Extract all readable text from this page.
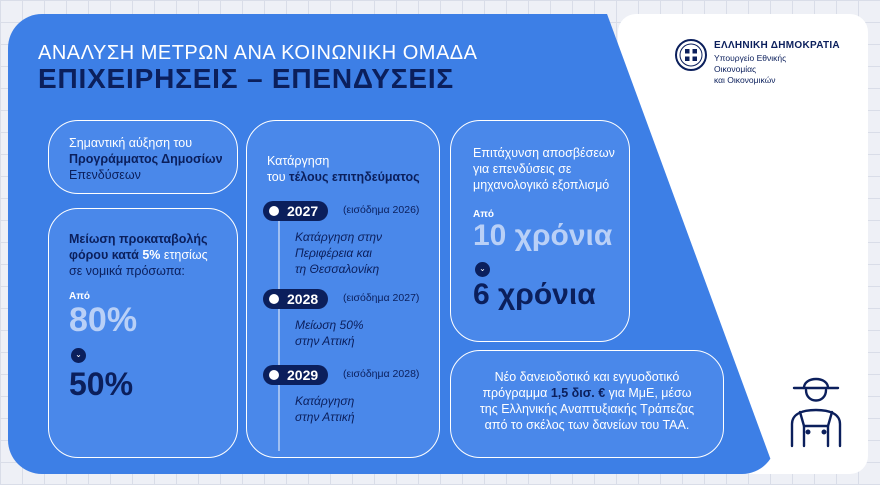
ΑΝΑΛΥΣΗ ΜΕΤΡΩΝ ΑΝΑ ΚΟΙΝΩΝΙΚΗ ΟΜΑΔΑ
ΕΠΙΧΕΙΡΗΣΕΙΣ – ΕΠΕΝΔΥΣΕΙΣ
ΕΛΛΗΝΙΚΗ ΔΗΜΟΚΡΑΤΙΑ
Υπουργείο Εθνικής Οικονομίας
και Οικονομικών
Σημαντική αύξηση του
Προγράμματος Δημοσίων
Επενδύσεων
Μείωση προκαταβολής
φόρου κατά 5% ετησίως
σε νομικά πρόσωπα:
Από
80%
⌄
50%
Κατάργηση
του τέλους επιτηδεύματος
2027 (εισόδημα 2026)
Κατάργηση στην
Περιφέρεια και
τη Θεσσαλονίκη
2028 (εισόδημα 2027)
Μείωση 50%
στην Αττική
2029 (εισόδημα 2028)
Κατάργηση
στην Αττική
Επιτάχυνση αποσβέσεων
για επενδύσεις σε
μηχανολογικό εξοπλισμό
Από
10 χρόνια
⌄
6 χρόνια
Νέο δανειοδοτικό και εγγυοδοτικό
πρόγραμμα 1,5 δισ. € για ΜμΕ, μέσω
της Ελληνικής Αναπτυξιακής Τράπεζας
από το σκέλος των δανείων του ΤΑΑ.
